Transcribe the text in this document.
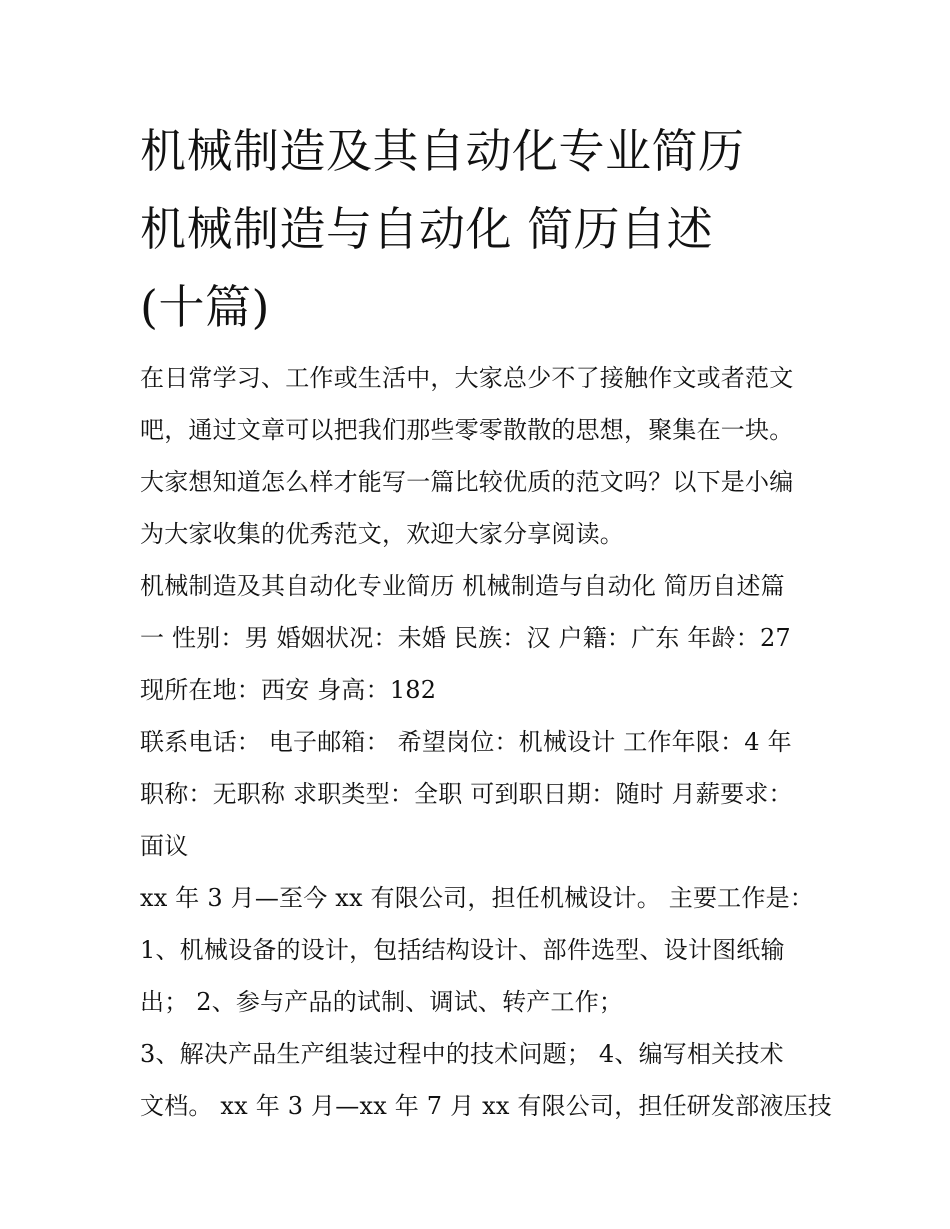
机械制造及其自动化专业简历
机械制造与自动化 简历自述
(十篇)
在日常学习、工作或生活中，大家总少不了接触作文或者范文
吧，通过文章可以把我们那些零零散散的思想，聚集在一块。
大家想知道怎么样才能写一篇比较优质的范文吗？以下是小编
为大家收集的优秀范文，欢迎大家分享阅读。
机械制造及其自动化专业简历 机械制造与自动化 简历自述篇
一 性别：男 婚姻状况：未婚 民族：汉 户籍：广东 年龄：27
现所在地：西安 身高：182
联系电话： 电子邮箱： 希望岗位：机械设计 工作年限：4 年
职称：无职称 求职类型：全职 可到职日期：随时 月薪要求：
面议
xx 年 3 月—至今 xx 有限公司，担任机械设计。 主要工作是：
1、机械设备的设计，包括结构设计、部件选型、设计图纸输
出； 2、参与产品的试制、调试、转产工作；
3、解决产品生产组装过程中的技术问题； 4、编写相关技术
文档。 xx 年 3 月—xx 年 7 月 xx 有限公司，担任研发部液压技
